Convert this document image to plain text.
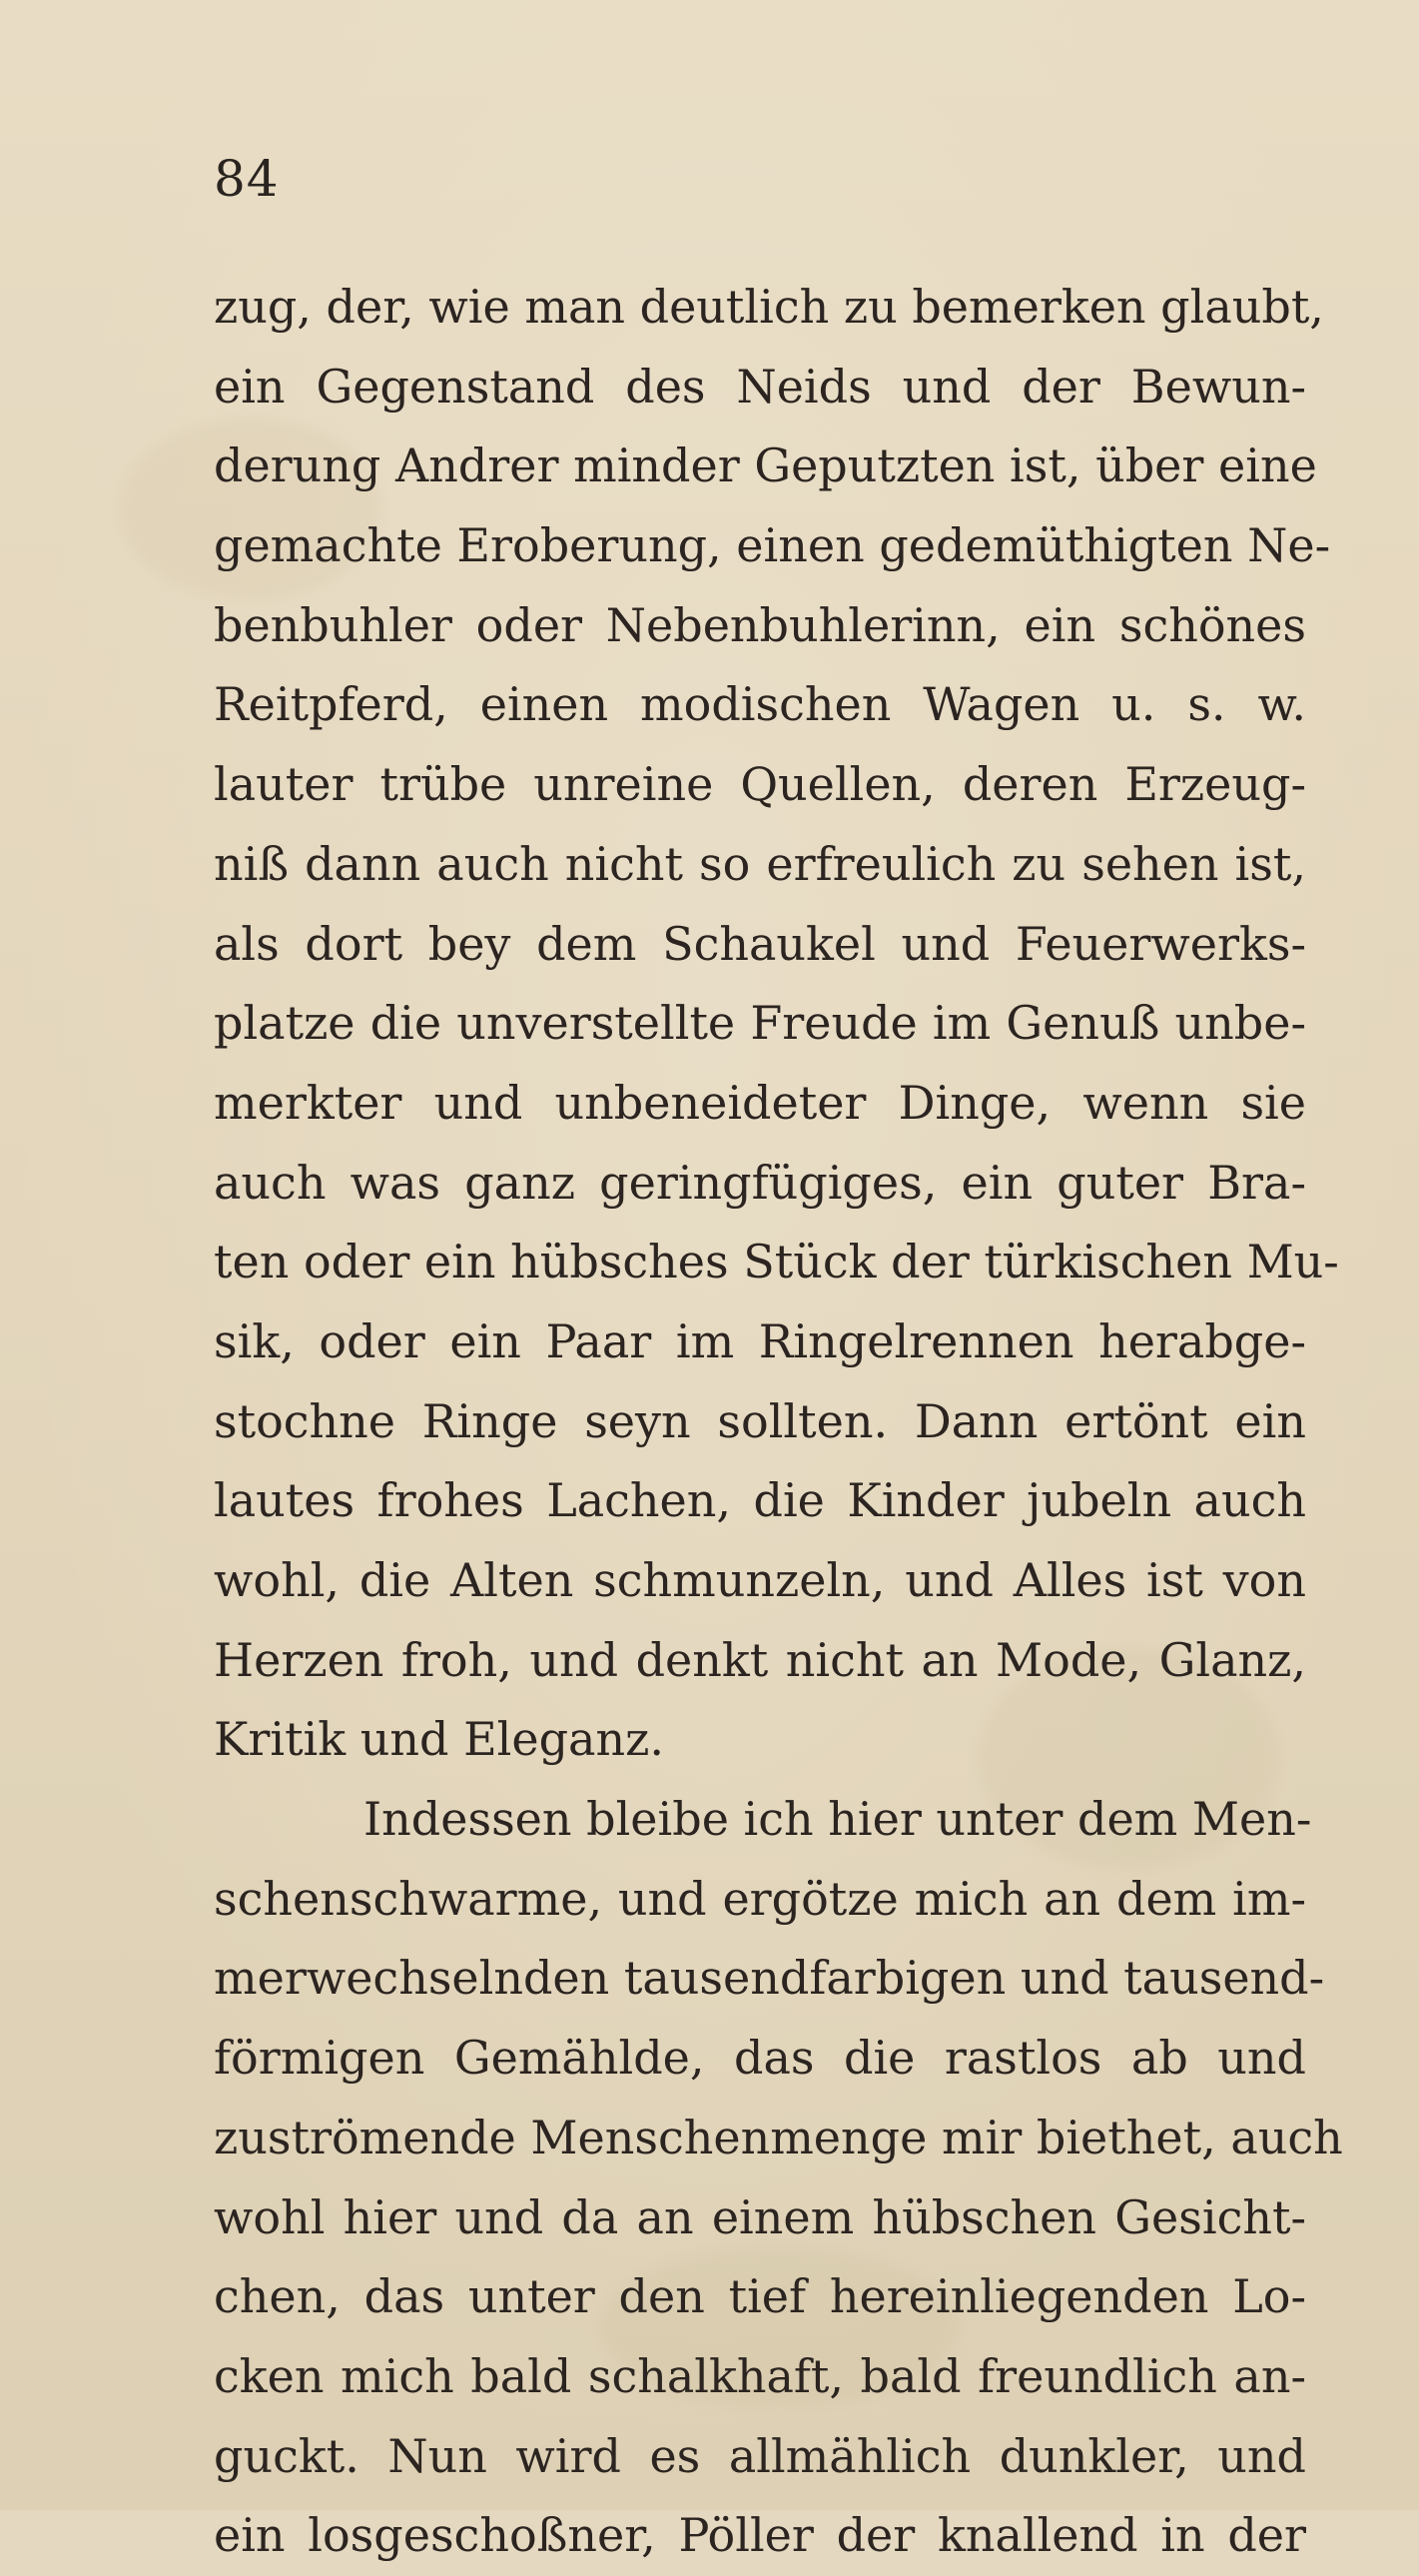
84
zug, der, wie man deutlich zu bemerken glaubt,
ein Gegenstand des Neids und der Bewun-
derung Andrer minder Geputzten ist, über eine
gemachte Eroberung, einen gedemüthigten Ne-
benbuhler oder Nebenbuhlerinn, ein schönes
Reitpferd, einen modischen Wagen u. s. w.
lauter trübe unreine Quellen, deren Erzeug-
niß dann auch nicht so erfreulich zu sehen ist,
als dort bey dem Schaukel und Feuerwerks-
platze die unverstellte Freude im Genuß unbe-
merkter und unbeneideter Dinge, wenn sie
auch was ganz geringfügiges, ein guter Bra-
ten oder ein hübsches Stück der türkischen Mu-
sik, oder ein Paar im Ringelrennen herabge-
stochne Ringe seyn sollten. Dann ertönt ein
lautes frohes Lachen, die Kinder jubeln auch
wohl, die Alten schmunzeln, und Alles ist von
Herzen froh, und denkt nicht an Mode, Glanz,
Kritik und Eleganz.
Indessen bleibe ich hier unter dem Men-
schenschwarme, und ergötze mich an dem im-
merwechselnden tausendfarbigen und tausend-
förmigen Gemählde, das die rastlos ab und
zuströmende Menschenmenge mir biethet, auch
wohl hier und da an einem hübschen Gesicht-
chen, das unter den tief hereinliegenden Lo-
cken mich bald schalkhaft, bald freundlich an-
guckt. Nun wird es allmählich dunkler, und
ein losgeschoßner, Pöller der knallend in der
